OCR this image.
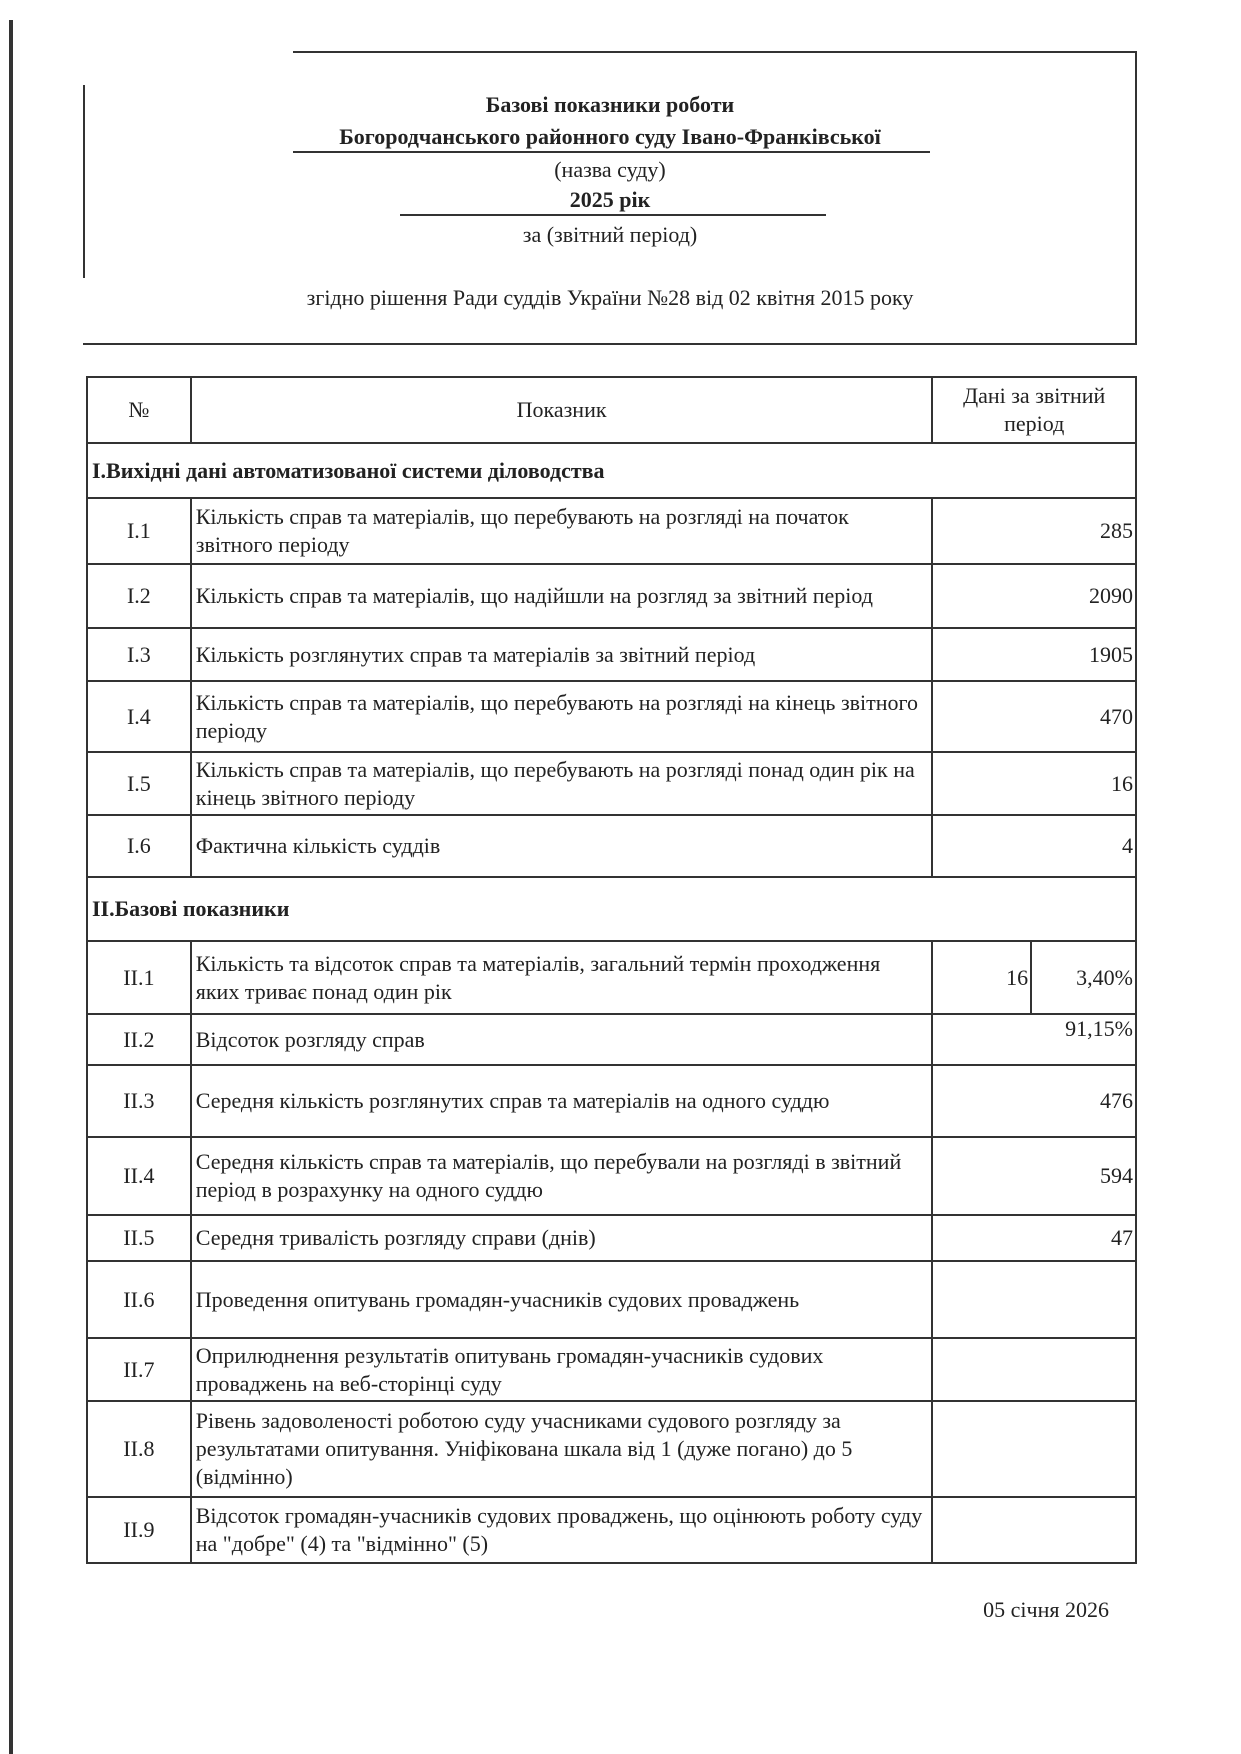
Базові показники роботи
Богородчанського районного суду Івано-Франківської
(назва суду)
2025 рік
за (звітний період)
згідно рішення Ради суддів України №28 від 02 квітня 2015 року
№	Показник	Дані за звітний період	
І.Вихідні дані автоматизованої системи діловодства			
І.1	Кількість справ та матеріалів, що перебувають на розгляді на початок звітного періоду	285	
І.2	Кількість справ та матеріалів, що надійшли на розгляд за звітний період	2090	
І.3	Кількість розглянутих справ та матеріалів за звітний період	1905	
І.4	Кількість справ та матеріалів, що перебувають на розгляді на кінець звітного періоду	470	
І.5	Кількість справ та матеріалів, що перебувають на розгляді понад один рік на кінець звітного періоду	16	
І.6	Фактична кількість суддів	4	
ІІ.Базові показники			
ІІ.1	Кількість та відсоток справ та матеріалів, загальний термін проходження яких триває понад один рік	16	3,40%
ІІ.2	Відсоток розгляду справ	91,15%	
ІІ.3	Середня кількість розглянутих справ та матеріалів на одного суддю	476	
ІІ.4	Середня кількість справ та матеріалів, що перебували на розгляді в звітний період в розрахунку на одного суддю	594	
ІІ.5	Середня тривалість розгляду справи (днів)	47	
ІІ.6	Проведення опитувань громадян-учасників судових проваджень		
ІІ.7	Оприлюднення результатів опитувань громадян-учасників судових проваджень на веб-сторінці суду		
ІІ.8	Рівень задоволеності роботою суду учасниками судового розгляду за результатами опитування. Уніфікована шкала від 1 (дуже погано) до 5 (відмінно)		
ІІ.9	Відсоток громадян-учасників судових проваджень, що оцінюють роботу суду на "добре" (4) та "відмінно" (5)		
05 січня 2026
